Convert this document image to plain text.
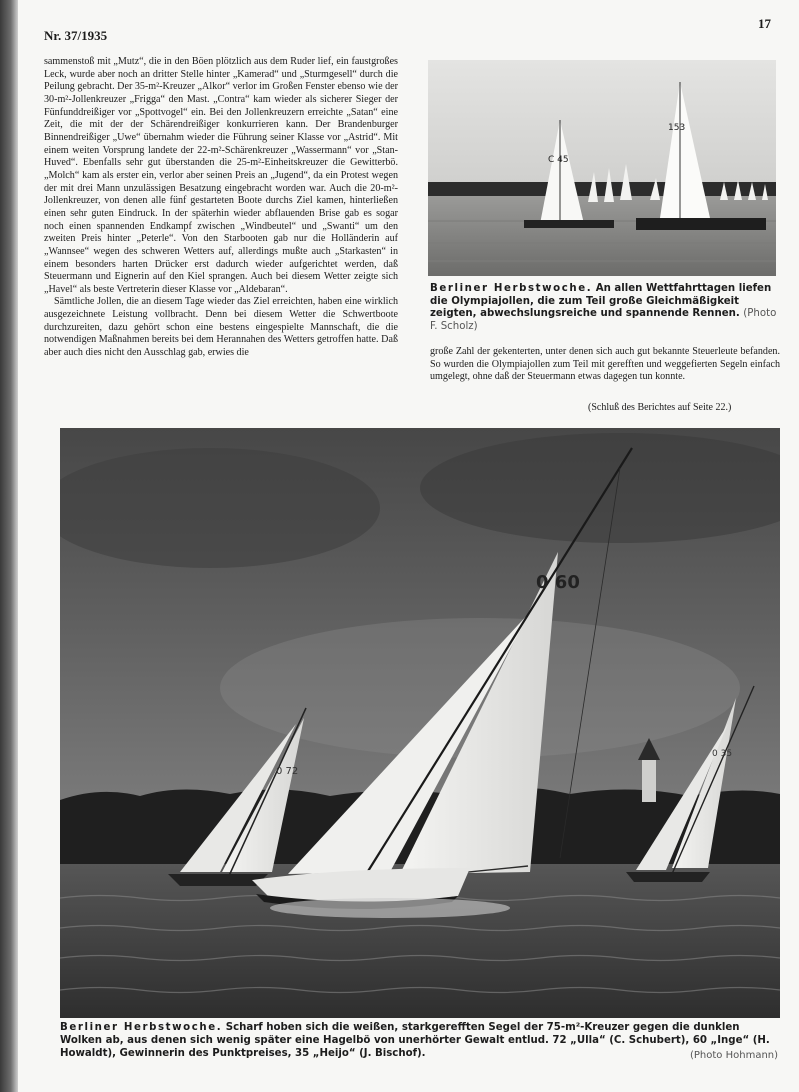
Nr. 37/1935
17

sammenstoß mit „Mutz“, die in den Böen plötzlich aus dem Ruder lief, ein faustgroßes Leck, wurde aber noch an dritter Stelle hinter „Kamerad“ und „Sturmgesell“ durch die Peilung gebracht. Der 35-m²-Kreuzer „Alkor“ verlor im Großen Fenster ebenso wie der 30-m²-Jollenkreuzer „Frigga“ den Mast. „Contra“ kam wieder als sicherer Sieger der Fünfunddreißiger vor „Spottvogel“ ein. Bei den Jollenkreuzern erreichte „Satan“ eine Zeit, die mit der der Schärendreißiger konkurrieren kann. Der Brandenburger Binnendreißiger „Uwe“ übernahm wieder die Führung seiner Klasse vor „Astrid“. Mit einem weiten Vorsprung landete der 22-m²-Schärenkreuzer „Wassermann“ vor „Stan-Huved“. Ebenfalls sehr gut überstanden die 25-m²-Einheitskreuzer die Gewitterbö. „Molch“ kam als erster ein, verlor aber seinen Preis an „Jugend“, da ein Protest wegen der mit drei Mann unzulässigen Besatzung eingebracht worden war. Auch die 20-m²-Jollenkreuzer, von denen alle fünf gestarteten Boote durchs Ziel kamen, hinterließen einen sehr guten Eindruck. In der späterhin wieder abflauenden Brise gab es sogar noch einen spannenden Endkampf zwischen „Windbeutel“ und „Swanti“ um den zweiten Preis hinter „Peterle“. Von den Starbooten gab nur die Holländerin auf „Wannsee“ wegen des schweren Wetters auf, allerdings mußte auch „Starkasten“ in einem besonders harten Drücker erst dadurch wieder aufgerichtet werden, daß Steuermann und Eignerin auf den Kiel sprangen. Auch bei diesem Wetter zeigte sich „Havel“ als beste Vertreterin dieser Klasse vor „Aldebaran“.

Sämtliche Jollen, die an diesem Tage wieder das Ziel erreichten, haben eine wirklich ausgezeichnete Leistung vollbracht. Denn bei diesem Wetter die Schwertboote durchzureiten, dazu gehört schon eine bestens eingespielte Mannschaft, die die notwendigen Maßnahmen bereits bei dem Herannahen des Wetters getroffen hatte. Daß aber auch dies nicht den Ausschlag gab, erwies die

C 45
153
Berliner Herbstwoche. An allen Wettfahrttagen liefen die Olympiajollen, die zum Teil große Gleichmäßigkeit zeigten, abwechslungsreiche und spannende Rennen. (Photo F. Scholz)
große Zahl der gekenterten, unter denen sich auch gut bekannte Steuerleute befanden. So wurden die Olympiajollen zum Teil mit gerefften und weggefierten Segeln einfach umgelegt, ohne daß der Steuermann etwas dagegen tun konnte.
(Schluß des Berichtes auf Seite 22.)
0 72
0 60
0 35
Berliner Herbstwoche. Scharf hoben sich die weißen, starkgerefften Segel der 75-m²-Kreuzer gegen die dunklen Wolken ab, aus denen sich wenig später eine Hagelbö von unerhörter Gewalt entlud. 72 „Ulla“ (C. Schubert), 60 „Inge“ (H. Howaldt), Gewinnerin des Punktpreises, 35 „Heijo“ (J. Bischof).	(Photo Hohmann)
